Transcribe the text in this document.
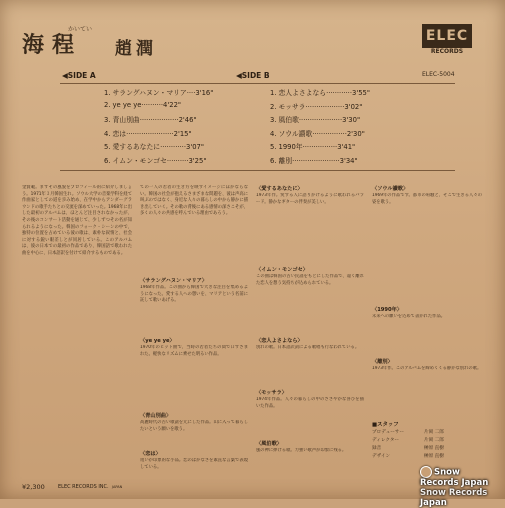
かいてい
海程 趙潤
ELEC
RECORDS
ELEC-5004
◀SIDE A	◀SIDE B
1. サラングハヌン・マリア····3'16"
2. ye ye ye··········4'22"
3. 青山別曲··················2'46"
4. 恋は······················2'15"
5. 愛するあなたに············3'07"
6. イムン・モンゴセ··········3'25"
1. 恋人よさよなら············3'55"
2. モッサラ··················3'02"
3. 風伯歌····················3'30"
4. ソウル讃歌················2'30"
5. 1990年················3'41"
6. 離別······················3'34"
金賢範。まずその風貌をプロフィール的に紹介しましょう。1971年３月韓国生れ。ソウル大学の音楽学科を経て作曲家としての道を歩み始め、在学中からアンダーグラウンドの歌手たちとの交流を深めていった。1968年に出した最初のアルバムは、ほとんど注目されなかったが、その後のコンサート活動を通じて、少しずつその名が知られるようになった。韓国のフォーク・シーンの中で、独特の位置を占めている彼の歌は、素朴な叙情と、社会に対する鋭い眼差しとが同居している。このアルバムは、彼の日本での最初の作品であり、韓国語で歌われた曲を中心に、日本語訳を付けて紹介するものである。
ての一人の若者の生き方を映すイメージにほかならない。韓国の社会が抱えるさまざまな問題を、彼は声高に叫ぶのではなく、身近な人々の暮らしの中から静かに描き出していく。その歌の背後にある感情の深さこそが、多くの人々の共感を呼んでいる理由であろう。
〈サラングハヌン・マリア〉
1968年作品。この曲から韓国で大きな注目を集めるようになった。愛する人への想いを、マリアという名前に託して歌いあげる。
〈ye ye ye〉
1970年のヒット曲で、当時の若者たちの間で口ずさまれた。軽快なリズムに乗せた明るい作品。
〈青山別曲〉
高麗時代の古い歌謡を元にした作品。山に入って暮らしたいという願いを歌う。
〈恋は〉
短いが印象的な小品。恋のはかなさを素直な言葉で表現している。
〈愛するあなたに〉
1973年作。愛する人に語りかけるように歌われるバラード。静かなギターの伴奏が美しい。
〈イムン・モンゴセ〉
この曲は韓国の古い民謡をもとにした作品で、遠く離れた恋人を想う気持ちが込められている。
〈恋人よさよなら〉
別れの歌。日本語訳詞による歌唱も行なわれている。
〈モッサラ〉
1974年作品。人々の暮らしの中のささやかな喜びを描いた作品。
〈風伯歌〉
風の神に捧げる歌。力強い歌声が印象に残る。
〈ソウル讃歌〉
1969年の作品です。都市の喧騒と、そこで生きる人々の姿を歌う。
〈1990年〉
未来への願いを込めて書かれた作品。
〈離別〉
1973年作。このアルバムを締めくくる静かな別れの歌。
■スタッフ
プロデューサー	片岡 二郎
ディレクター	片岡 二郎
録音	榊原 直樹
デザイン	榊原 直樹
¥2,300	ELEC RECORDS INC. JAPAN
Snow Records Japan
Snow Records Japan
